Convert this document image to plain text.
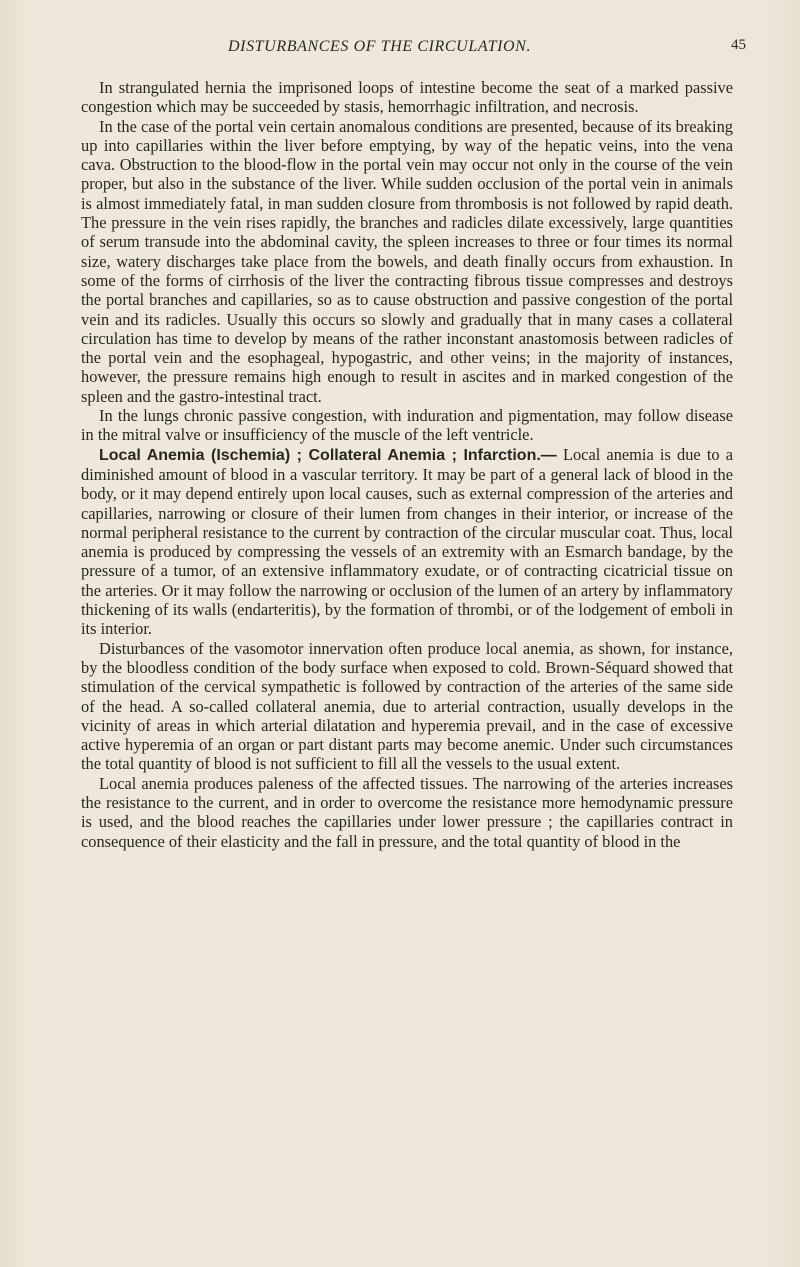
DISTURBANCES OF THE CIRCULATION.	45

In strangulated hernia the imprisoned loops of intestine become the seat of a marked passive congestion which may be succeeded by stasis, hemorrhagic infiltration, and necrosis.

In the case of the portal vein certain anomalous conditions are presented, because of its breaking up into capillaries within the liver before emptying, by way of the hepatic veins, into the vena cava. Obstruction to the blood-flow in the portal vein may occur not only in the course of the vein proper, but also in the substance of the liver. While sudden occlusion of the portal vein in animals is almost immediately fatal, in man sudden closure from thrombosis is not followed by rapid death. The pressure in the vein rises rapidly, the branches and radicles dilate excessively, large quantities of serum transude into the abdominal cavity, the spleen increases to three or four times its normal size, watery discharges take place from the bowels, and death finally occurs from exhaustion. In some of the forms of cirrhosis of the liver the contracting fibrous tissue compresses and destroys the portal branches and capillaries, so as to cause obstruction and passive congestion of the portal vein and its radicles. Usually this occurs so slowly and gradually that in many cases a collateral circulation has time to develop by means of the rather inconstant anastomosis between radicles of the portal vein and the esophageal, hypogastric, and other veins; in the majority of instances, however, the pressure remains high enough to result in ascites and in marked congestion of the spleen and the gastro-intestinal tract.

In the lungs chronic passive congestion, with induration and pigmentation, may follow disease in the mitral valve or insufficiency of the muscle of the left ventricle.

Local Anemia (Ischemia) ; Collateral Anemia ; Infarction.— Local anemia is due to a diminished amount of blood in a vascular territory. It may be part of a general lack of blood in the body, or it may depend entirely upon local causes, such as external compression of the arteries and capillaries, narrowing or closure of their lumen from changes in their interior, or increase of the normal peripheral resistance to the current by contraction of the circular muscular coat. Thus, local anemia is produced by compressing the vessels of an extremity with an Esmarch bandage, by the pressure of a tumor, of an extensive inflammatory exudate, or of contracting cicatricial tissue on the arteries. Or it may follow the narrowing or occlusion of the lumen of an artery by inflammatory thickening of its walls (endarteritis), by the formation of thrombi, or of the lodgement of emboli in its interior.

Disturbances of the vasomotor innervation often produce local anemia, as shown, for instance, by the bloodless condition of the body surface when exposed to cold. Brown-Séquard showed that stimulation of the cervical sympathetic is followed by contraction of the arteries of the same side of the head. A so-called collateral anemia, due to arterial contraction, usually develops in the vicinity of areas in which arterial dilatation and hyperemia prevail, and in the case of excessive active hyperemia of an organ or part distant parts may become anemic. Under such circumstances the total quantity of blood is not sufficient to fill all the vessels to the usual extent.

Local anemia produces paleness of the affected tissues. The narrowing of the arteries increases the resistance to the current, and in order to overcome the resistance more hemodynamic pressure is used, and the blood reaches the capillaries under lower pressure ; the capillaries contract in consequence of their elasticity and the fall in pressure, and the total quantity of blood in the
